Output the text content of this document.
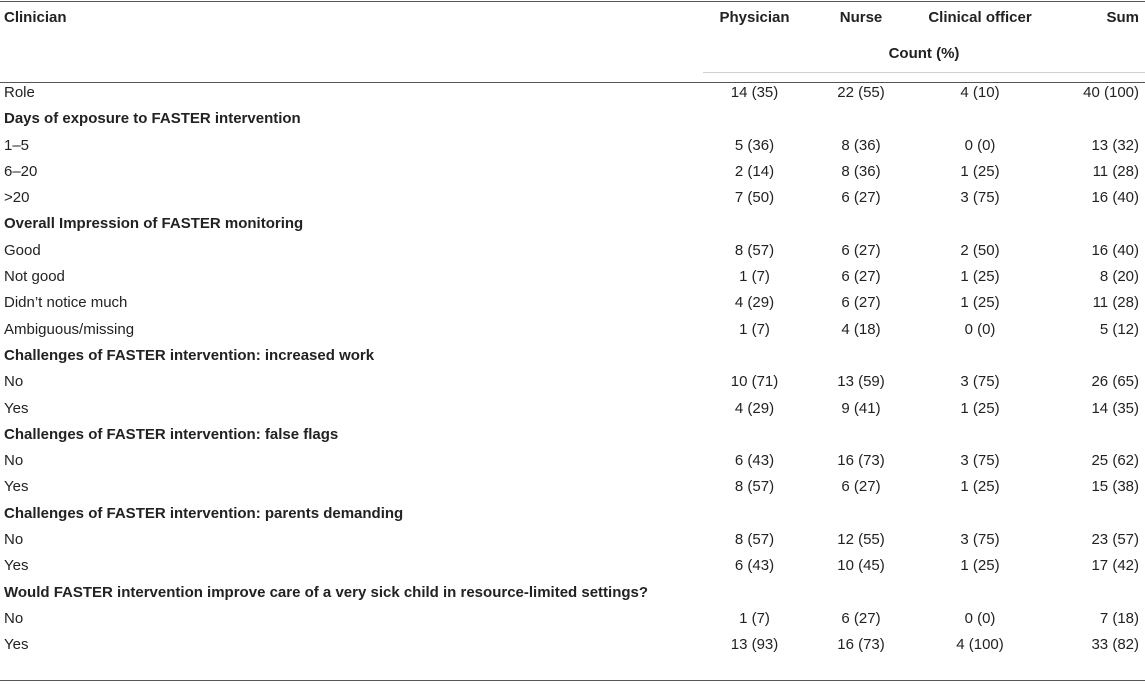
Clinician	Physician	Nurse	Clinical officer	Sum
	Count (%)			

Role	14 (35)	22 (55)	4 (10)	40 (100)
Days of exposure to FASTER intervention				
1–5	5 (36)	8 (36)	0 (0)	13 (32)
6–20	2 (14)	8 (36)	1 (25)	11 (28)
>20	7 (50)	6 (27)	3 (75)	16 (40)
Overall Impression of FASTER monitoring				
Good	8 (57)	6 (27)	2 (50)	16 (40)
Not good	1 (7)	6 (27)	1 (25)	8 (20)
Didn’t notice much	4 (29)	6 (27)	1 (25)	11 (28)
Ambiguous/missing	1 (7)	4 (18)	0 (0)	5 (12)
Challenges of FASTER intervention: increased work				
No	10 (71)	13 (59)	3 (75)	26 (65)
Yes	4 (29)	9 (41)	1 (25)	14 (35)
Challenges of FASTER intervention: false flags				
No	6 (43)	16 (73)	3 (75)	25 (62)
Yes	8 (57)	6 (27)	1 (25)	15 (38)
Challenges of FASTER intervention: parents demanding				
No	8 (57)	12 (55)	3 (75)	23 (57)
Yes	6 (43)	10 (45)	1 (25)	17 (42)
Would FASTER intervention improve care of a very sick child in resource-limited settings?				
No	1 (7)	6 (27)	0 (0)	7 (18)
Yes	13 (93)	16 (73)	4 (100)	33 (82)
